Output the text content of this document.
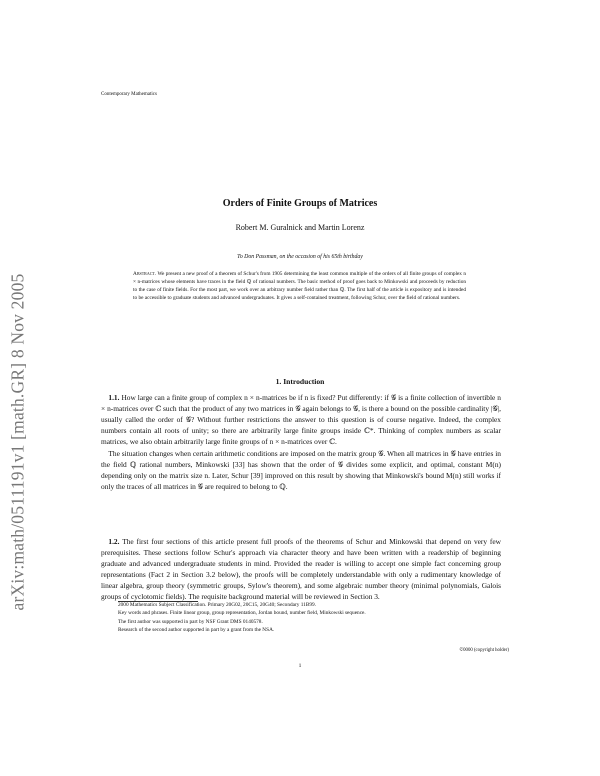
Contemporary Mathematics
arXiv:math/0511191v1 [math.GR] 8 Nov 2005
Orders of Finite Groups of Matrices
Robert M. Guralnick and Martin Lorenz
To Don Passman, on the occasion of his 65th birthday
Abstract. We present a new proof of a theorem of Schur's from 1905 determining the least common multiple of the orders of all finite groups of complex n × n-matrices whose elements have traces in the field ℚ of rational numbers. The basic method of proof goes back to Minkowski and proceeds by reduction to the case of finite fields. For the most part, we work over an arbitrary number field rather than ℚ. The first half of the article is expository and is intended to be accessible to graduate students and advanced undergraduates. It gives a self-contained treatment, following Schur, over the field of rational numbers.
1. Introduction
 1.1. How large can a finite group of complex n × n-matrices be if n is fixed? Put differently: if 𝒢 is a finite collection of invertible n × n-matrices over ℂ such that the product of any two matrices in 𝒢 again belongs to 𝒢, is there a bound on the possible cardinality |𝒢|, usually called the order of 𝒢? Without further restrictions the answer to this question is of course negative. Indeed, the complex numbers contain all roots of unity; so there are arbitrarily large finite groups inside ℂ*. Thinking of complex numbers as scalar matrices, we also obtain arbitrarily large finite groups of n × n-matrices over ℂ.
 The situation changes when certain arithmetic conditions are imposed on the matrix group 𝒢. When all matrices in 𝒢 have entries in the field ℚ rational numbers, Minkowski [33] has shown that the order of 𝒢 divides some explicit, and optimal, constant M(n) depending only on the matrix size n. Later, Schur [39] improved on this result by showing that Minkowski's bound M(n) still works if only the traces of all matrices in 𝒢 are required to belong to ℚ.
 1.2. The first four sections of this article present full proofs of the theorems of Schur and Minkowski that depend on very few prerequisites. These sections follow Schur's approach via character theory and have been written with a readership of beginning graduate and advanced undergraduate students in mind. Provided the reader is willing to accept one simple fact concerning group representations (Fact 2 in Section 3.2 below), the proofs will be completely understandable with only a rudimentary knowledge of linear algebra, group theory (symmetric groups, Sylow's theorem), and some algebraic number theory (minimal polynomials, Galois groups of cyclotomic fields). The requisite background material will be reviewed in Section 3.
2000 Mathematics Subject Classification. Primary 20G02, 20C15, 20G40; Secondary 11B99.
Key words and phrases. Finite linear group, group representation, Jordan bound, number field, Minkowski sequence.
The first author was supported in part by NSF Grant DMS 0140578.
Research of the second author supported in part by a grant from the NSA.
©0000 (copyright holder)
1
